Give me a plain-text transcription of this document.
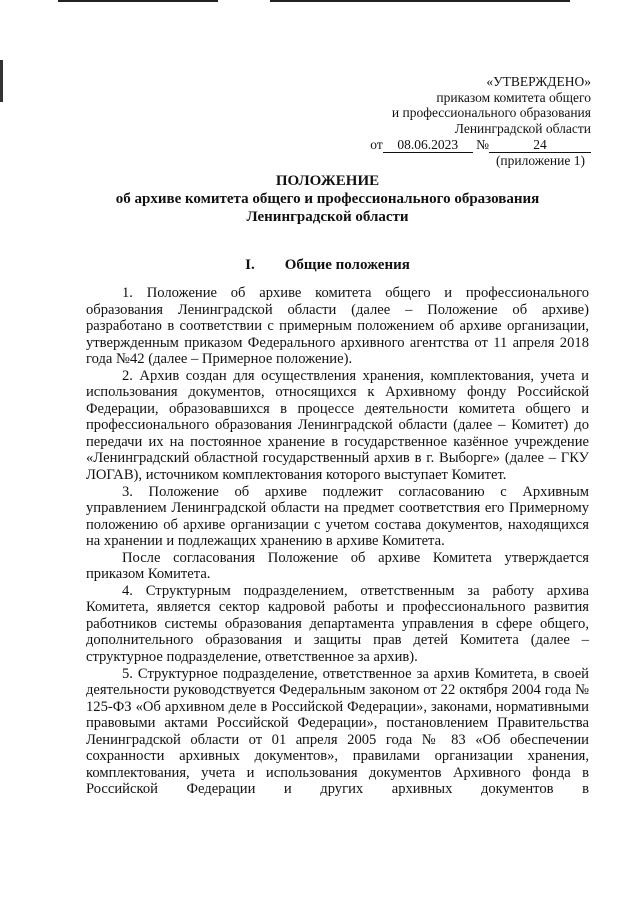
«УТВЕРЖДЕНО»
приказом комитета общего
и профессионального образования
Ленинградской области
от 08.06.2023 №	24
(приложение 1)
ПОЛОЖЕНИЕ
об архиве комитета общего и профессионального образования
Ленинградской области
I. Общие положения

1. Положение об архиве комитета общего и профессионального образования Ленинградской области (далее – Положение об архиве) разработано в соответствии с примерным положением об архиве организации, утвержденным приказом Федерального архивного агентства от 11 апреля 2018 года №42 (далее – Примерное положение).

2. Архив создан для осуществления хранения, комплектования, учета и использования документов, относящихся к Архивному фонду Российской Федерации, образовавшихся в процессе деятельности комитета общего и профессионального образования Ленинградской области (далее – Комитет) до передачи их на постоянное хранение в государственное казённое учреждение «Ленинградский областной государственный архив в г. Выборге» (далее – ГКУ ЛОГАВ), источником комплектования которого выступает Комитет.

3. Положение об архиве подлежит согласованию с Архивным управлением Ленинградской области на предмет соответствия его Примерному положению об архиве организации с учетом состава документов, находящихся на хранении и подлежащих хранению в архиве Комитета.

После согласования Положение об архиве Комитета утверждается приказом Комитета.

4. Структурным подразделением, ответственным за работу архива Комитета, является сектор кадровой работы и профессионального развития работников системы образования департамента управления в сфере общего, дополнительного образования и защиты прав детей Комитета (далее – структурное подразделение, ответственное за архив).

5. Структурное подразделение, ответственное за архив Комитета, в своей деятельности руководствуется Федеральным законом от 22 октября 2004 года № 125-ФЗ «Об архивном деле в Российской Федерации», законами, нормативными правовыми актами Российской Федерации», постановлением Правительства Ленинградской области от 01 апреля 2005 года № 83 «Об обеспечении сохранности архивных документов», правилами организации хранения, комплектования, учета и использования документов Архивного фонда в Российской Федерации и других архивных документов в
